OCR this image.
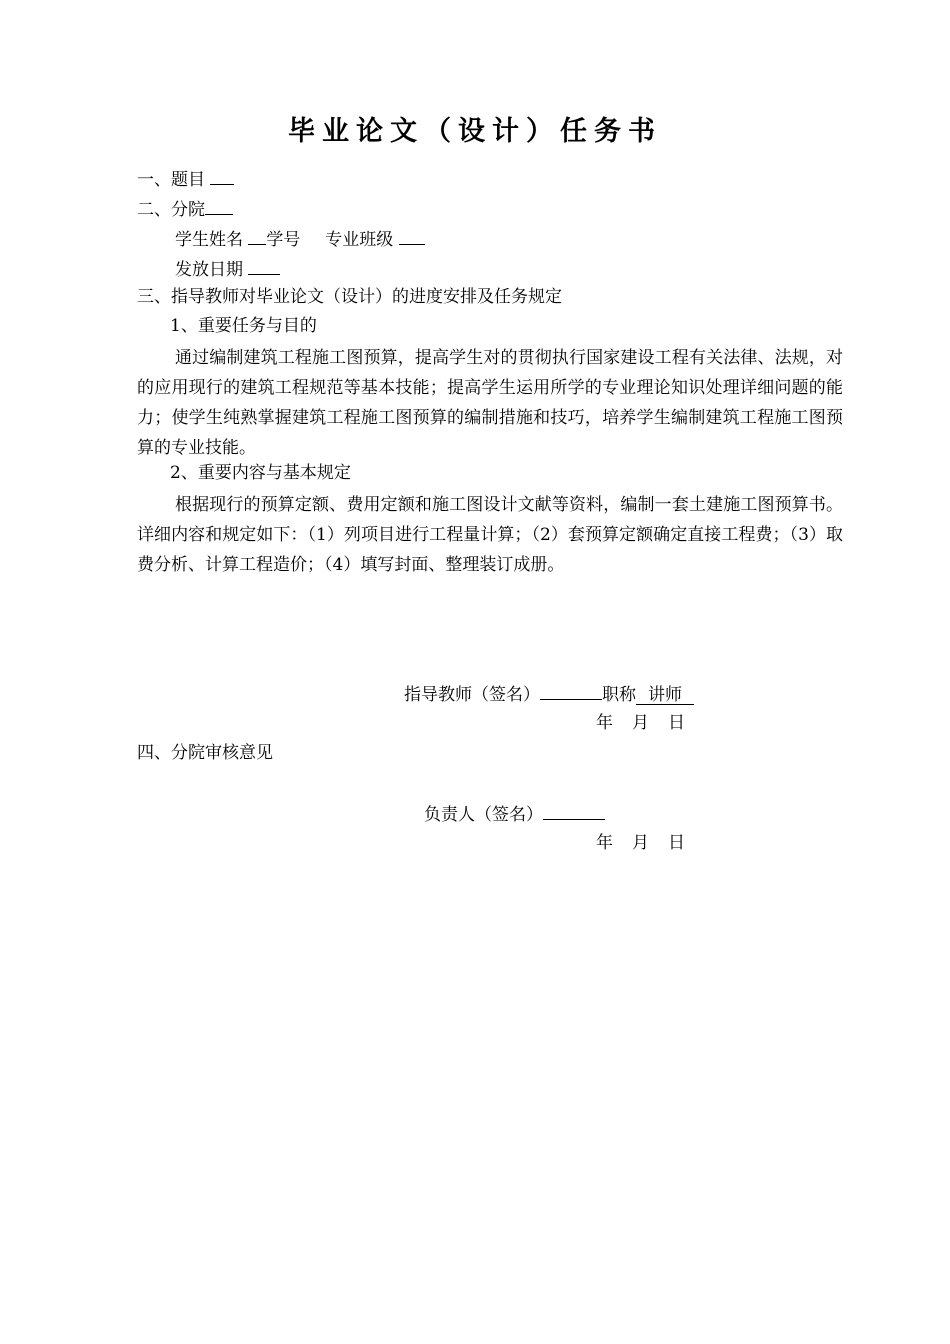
毕业论文（设计）任务书
一、题目
二、分院
学生姓名 学号 专业班级
发放日期
三、指导教师对毕业论文（设计）的进度安排及任务规定
1、重要任务与目的
通过编制建筑工程施工图预算，提高学生对的贯彻执行国家建设工程有关法律、法规，对的应用现行的建筑工程规范等基本技能；提高学生运用所学的专业理论知识处理详细问题的能力；使学生纯熟掌握建筑工程施工图预算的编制措施和技巧，培养学生编制建筑工程施工图预算的专业技能。
2、重要内容与基本规定
根据现行的预算定额、费用定额和施工图设计文献等资料，编制一套土建施工图预算书。详细内容和规定如下：（1）列项目进行工程量计算；（2）套预算定额确定直接工程费；（3）取费分析、计算工程造价；（4）填写封面、整理装订成册。
指导教师（签名）	职称 讲师
年　月　日
四、分院审核意见
负责人（签名）
年　月　日
